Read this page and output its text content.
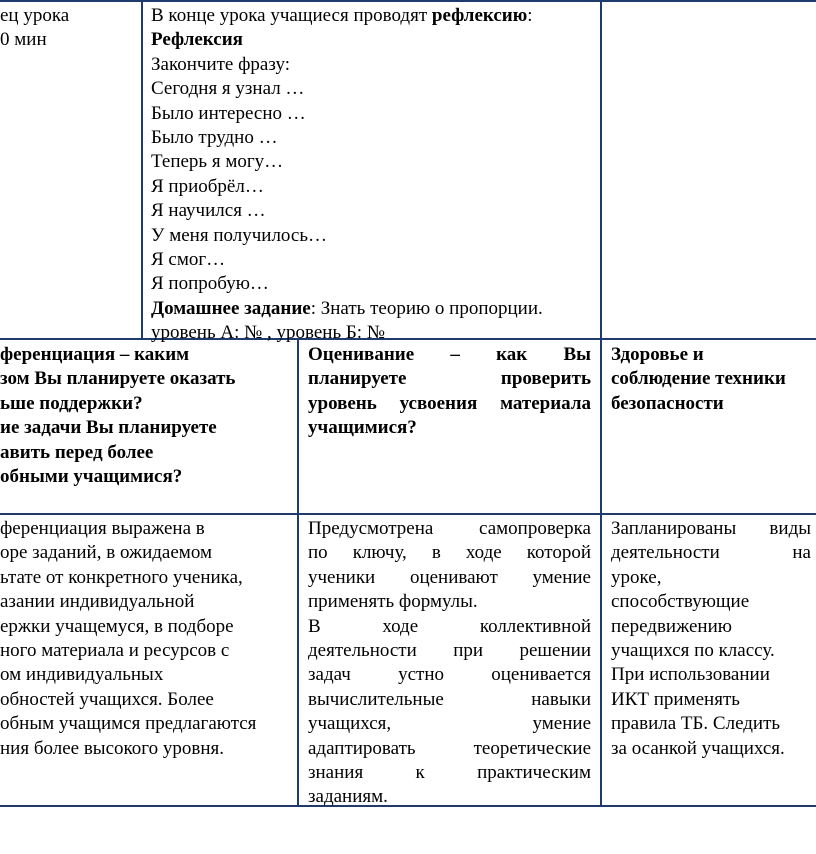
ец урока
0 мин
В конце урока учащиеся проводят рефлексию:
Рефлексия
Закончите фразу:
Сегодня я узнал …
Было интересно …
Было трудно …
Теперь я могу…
Я приобрёл…
Я научился …
У меня получилось…
Я смог…
Я попробую…
Домашнее задание: Знать теорию о пропорции.
уровень А: № , уровень Б: №
ференциация – каким
зом Вы планируете оказать
ьше поддержки?
ие задачи Вы планируете
авить перед более
обными учащимися?
Оценивание – как Вы
планируете проверить
уровень усвоения материала
учащимися?
Здоровье и
соблюдение техники
безопасности
ференциация выражена в
оре заданий, в ожидаемом
ьтате от конкретного ученика,
азании индивидуальной
ержки учащемуся, в подборе
ного материала и ресурсов с
ом индивидуальных
обностей учащихся. Более
обным учащимся предлагаются
ния более высокого уровня.
Предусмотрена самопроверка
по ключу, в ходе которой
ученики оценивают умение
применять формулы.
В ходе коллективной
деятельности при решении
задач устно оценивается
вычислительные навыки
учащихся, умение
адаптировать теоретические
знания к практическим
заданиям.
Запланированы виды
деятельности на
уроке,
способствующие
передвижению
учащихся по классу.
При использовании
ИКТ применять
правила ТБ. Следить
за осанкой учащихся.
